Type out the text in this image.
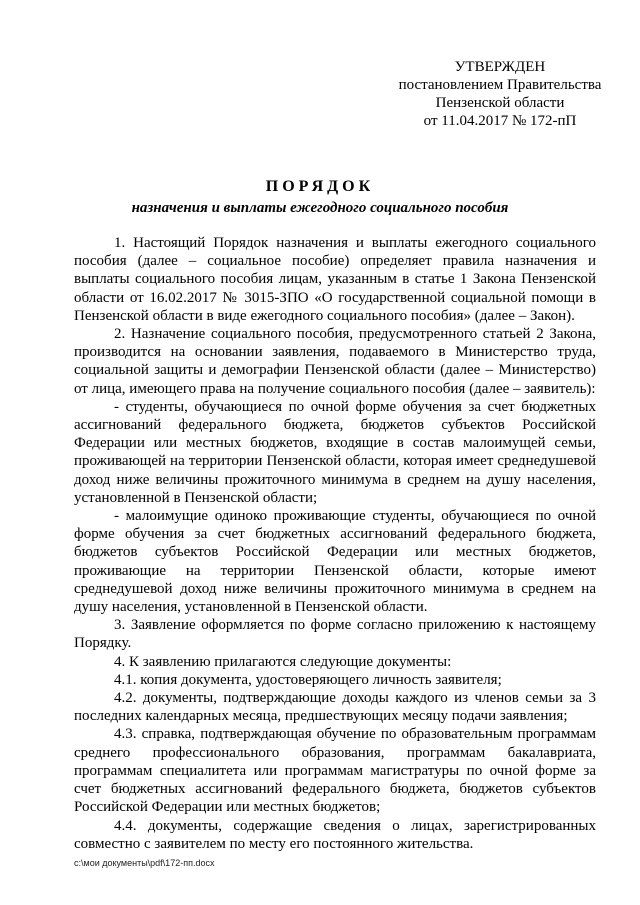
УТВЕРЖДЕН
постановлением Правительства
Пензенской области
от 11.04.2017 № 172-пП
ПОРЯДОК
назначения и выплаты ежегодного социального пособия

1. Настоящий Порядок назначения и выплаты ежегодного социального пособия (далее – социальное пособие) определяет правила назначения и выплаты социального пособия лицам, указанным в статье 1 Закона Пензенской области от 16.02.2017 № 3015-ЗПО «О государственной социальной помощи в Пензенской области в виде ежегодного социального пособия» (далее – Закон).

2. Назначение социального пособия, предусмотренного статьей 2 Закона, производится на основании заявления, подаваемого в Министерство труда, социальной защиты и демографии Пензенской области (далее – Министерство) от лица, имеющего права на получение социального пособия (далее – заявитель):

- студенты, обучающиеся по очной форме обучения за счет бюджетных ассигнований федерального бюджета, бюджетов субъектов Российской Федерации или местных бюджетов, входящие в состав малоимущей семьи, проживающей на территории Пензенской области, которая имеет среднедушевой доход ниже величины прожиточного минимума в среднем на душу населения, установленной в Пензенской области;

- малоимущие одиноко проживающие студенты, обучающиеся по очной форме обучения за счет бюджетных ассигнований федерального бюджета, бюджетов субъектов Российской Федерации или местных бюджетов, проживающие на территории Пензенской области, которые имеют среднедушевой доход ниже величины прожиточного минимума в среднем на душу населения, установленной в Пензенской области.

3. Заявление оформляется по форме согласно приложению к настоящему Порядку.

4. К заявлению прилагаются следующие документы:

4.1. копия документа, удостоверяющего личность заявителя;

4.2. документы, подтверждающие доходы каждого из членов семьи за 3 последних календарных месяца, предшествующих месяцу подачи заявления;

4.3. справка, подтверждающая обучение по образовательным программам среднего профессионального образования, программам бакалавриата, программам специалитета или программам магистратуры по очной форме за счет бюджетных ассигнований федерального бюджета, бюджетов субъектов Российской Федерации или местных бюджетов;

4.4. документы, содержащие сведения о лицах, зарегистрированных совместно с заявителем по месту его постоянного жительства.

c:\мои документы\pdf\172-пп.docx
